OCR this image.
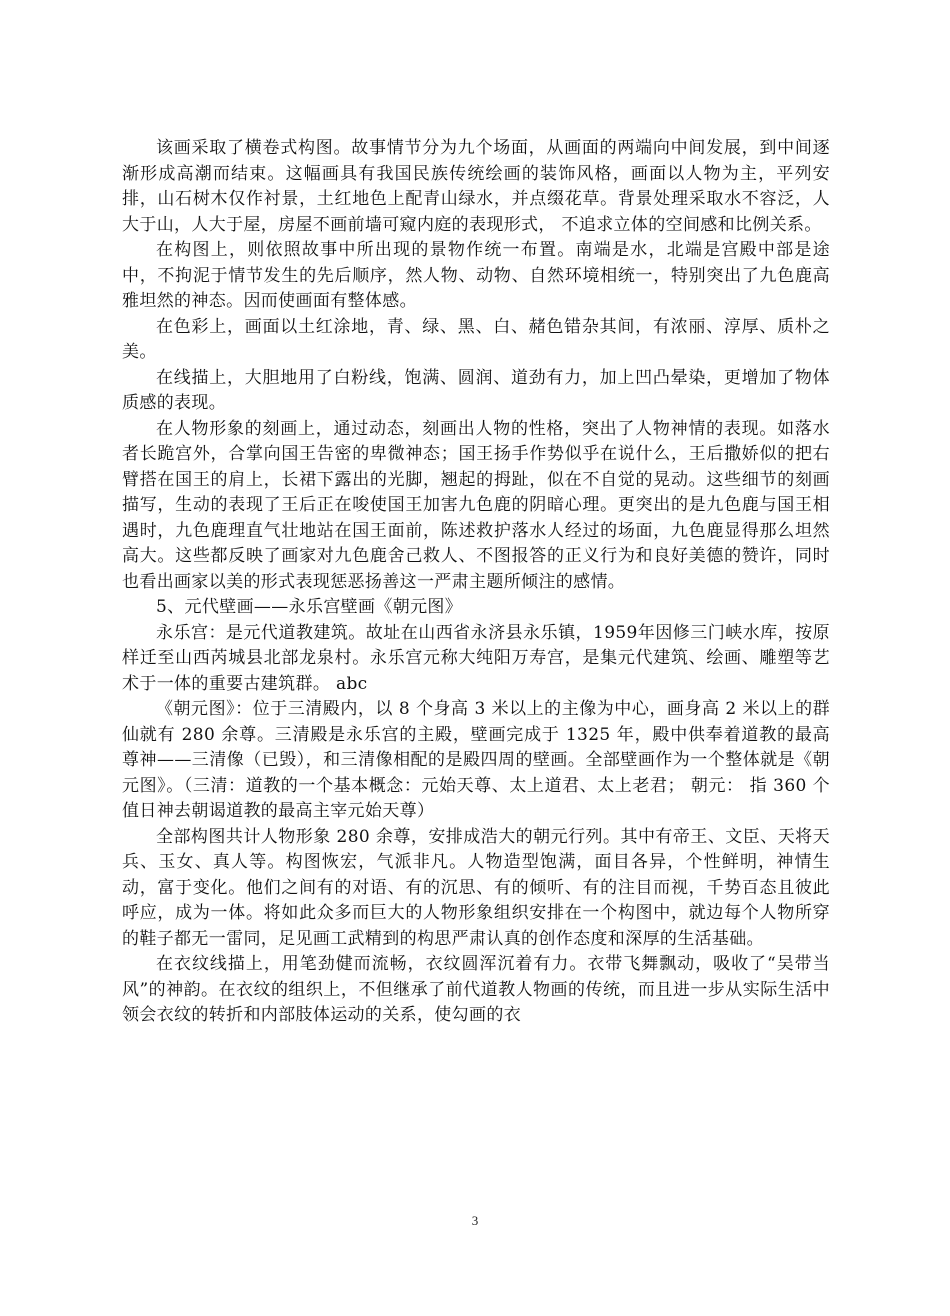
该画采取了横卷式构图。故事情节分为九个场面，从画面的两端向中间发展，到中间逐渐形成高潮而结束。这幅画具有我国民族传统绘画的装饰风格，画面以人物为主，平列安排，山石树木仅作衬景，土红地色上配青山绿水，并点缀花草。背景处理采取水不容泛，人大于山，人大于屋，房屋不画前墙可窥内庭的表现形式， 不追求立体的空间感和比例关系。

在构图上，则依照故事中所出现的景物作统一布置。南端是水，北端是宫殿中部是途中，不拘泥于情节发生的先后顺序，然人物、动物、自然环境相统一，特别突出了九色鹿高雅坦然的神态。因而使画面有整体感。

在色彩上，画面以土红涂地，青、绿、黑、白、赭色错杂其间，有浓丽、淳厚、质朴之美。

在线描上，大胆地用了白粉线，饱满、圆润、道劲有力，加上凹凸晕染，更增加了物体质感的表现。

在人物形象的刻画上，通过动态，刻画出人物的性格，突出了人物神情的表现。如落水者长跪宫外，合掌向国王告密的卑微神态；国王扬手作势似乎在说什么，王后撒娇似的把右臂搭在国王的肩上，长裙下露出的光脚，翘起的拇趾，似在不自觉的晃动。这些细节的刻画描写，生动的表现了王后正在唆使国王加害九色鹿的阴暗心理。更突出的是九色鹿与国王相遇时，九色鹿理直气壮地站在国王面前，陈述救护落水人经过的场面，九色鹿显得那么坦然高大。这些都反映了画家对九色鹿舍己救人、不图报答的正义行为和良好美德的赞许，同时也看出画家以美的形式表现惩恶扬善这一严肃主题所倾注的感情。

5、元代壁画——永乐宫壁画《朝元图》

永乐宫：是元代道教建筑。故址在山西省永济县永乐镇，1959年因修三门峡水库，按原样迁至山西芮城县北部龙泉村。永乐宫元称大纯阳万寿宫，是集元代建筑、绘画、雕塑等艺术于一体的重要古建筑群。 abc

《朝元图》：位于三清殿内，以 8 个身高 3 米以上的主像为中心，画身高 2 米以上的群仙就有 280 余尊。三清殿是永乐宫的主殿，壁画完成于 1325 年，殿中供奉着道教的最高尊神——三清像（已毁），和三清像相配的是殿四周的壁画。全部壁画作为一个整体就是《朝元图》。（三清：道教的一个基本概念：元始天尊、太上道君、太上老君； 朝元： 指 360 个值日神去朝谒道教的最高主宰元始天尊）

全部构图共计人物形象 280 余尊，安排成浩大的朝元行列。其中有帝王、文臣、天将天兵、玉女、真人等。构图恢宏，气派非凡。人物造型饱满，面目各异，个性鲜明，神情生动，富于变化。他们之间有的对语、有的沉思、有的倾听、有的注目而视，千势百态且彼此呼应，成为一体。将如此众多而巨大的人物形象组织安排在一个构图中，就边每个人物所穿的鞋子都无一雷同，足见画工武精到的构思严肃认真的创作态度和深厚的生活基础。

在衣纹线描上，用笔劲健而流畅，衣纹圆浑沉着有力。衣带飞舞飘动，吸收了“吴带当风”的神韵。在衣纹的组织上，不但继承了前代道教人物画的传统，而且进一步从实际生活中领会衣纹的转折和内部肢体运动的关系，使勾画的衣

3
